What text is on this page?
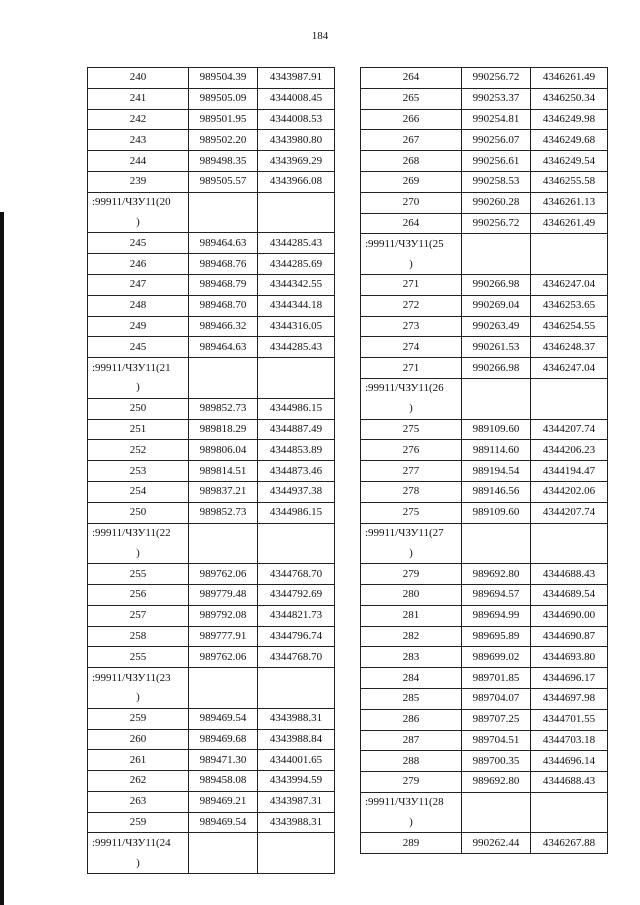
184
240	989504.39	4343987.91
241	989505.09	4344008.45
242	989501.95	4344008.53
243	989502.20	4343980.80
244	989498.35	4343969.29
239	989505.57	4343966.08
:99911/ЧЗУ11(20		
)		
245	989464.63	4344285.43
246	989468.76	4344285.69
247	989468.79	4344342.55
248	989468.70	4344344.18
249	989466.32	4344316.05
245	989464.63	4344285.43
:99911/ЧЗУ11(21		
)		
250	989852.73	4344986.15
251	989818.29	4344887.49
252	989806.04	4344853.89
253	989814.51	4344873.46
254	989837.21	4344937.38
250	989852.73	4344986.15
:99911/ЧЗУ11(22		
)		
255	989762.06	4344768.70
256	989779.48	4344792.69
257	989792.08	4344821.73
258	989777.91	4344796.74
255	989762.06	4344768.70
:99911/ЧЗУ11(23		
)		
259	989469.54	4343988.31
260	989469.68	4343988.84
261	989471.30	4344001.65
262	989458.08	4343994.59
263	989469.21	4343987.31
259	989469.54	4343988.31
:99911/ЧЗУ11(24		
)		
264	990256.72	4346261.49
265	990253.37	4346250.34
266	990254.81	4346249.98
267	990256.07	4346249.68
268	990256.61	4346249.54
269	990258.53	4346255.58
270	990260.28	4346261.13
264	990256.72	4346261.49
:99911/ЧЗУ11(25		
)		
271	990266.98	4346247.04
272	990269.04	4346253.65
273	990263.49	4346254.55
274	990261.53	4346248.37
271	990266.98	4346247.04
:99911/ЧЗУ11(26		
)		
275	989109.60	4344207.74
276	989114.60	4344206.23
277	989194.54	4344194.47
278	989146.56	4344202.06
275	989109.60	4344207.74
:99911/ЧЗУ11(27		
)		
279	989692.80	4344688.43
280	989694.57	4344689.54
281	989694.99	4344690.00
282	989695.89	4344690.87
283	989699.02	4344693.80
284	989701.85	4344696.17
285	989704.07	4344697.98
286	989707.25	4344701.55
287	989704.51	4344703.18
288	989700.35	4344696.14
279	989692.80	4344688.43
:99911/ЧЗУ11(28		
)		
289	990262.44	4346267.88
